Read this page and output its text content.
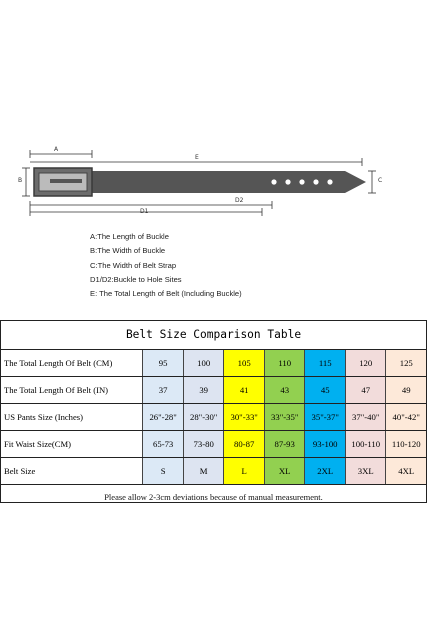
A
E
B	C
D2
D1
A:The Length of Buckle
B:The Width of Buckle
C:The Width of Belt Strap
D1/D2:Buckle to Hole Sites
E: The Total Length of Belt (Including Buckle)
Belt Size Comparison Table
The Total Length Of Belt (CM)	95	100	105	110	115	120	125
The Total Length Of Belt (IN)	37	39	41	43	45	47	49
US Pants Size (Inches)	26"-28"	28"-30"	30"-33"	33"-35"	35"-37"	37"-40"	40"-42"
Fit Waist Size(CM)	65-73	73-80	80-87	87-93	93-100	100-110	110-120
Belt Size	S	M	L	XL	2XL	3XL	4XL
Please allow 2-3cm deviations because of manual measurement.
